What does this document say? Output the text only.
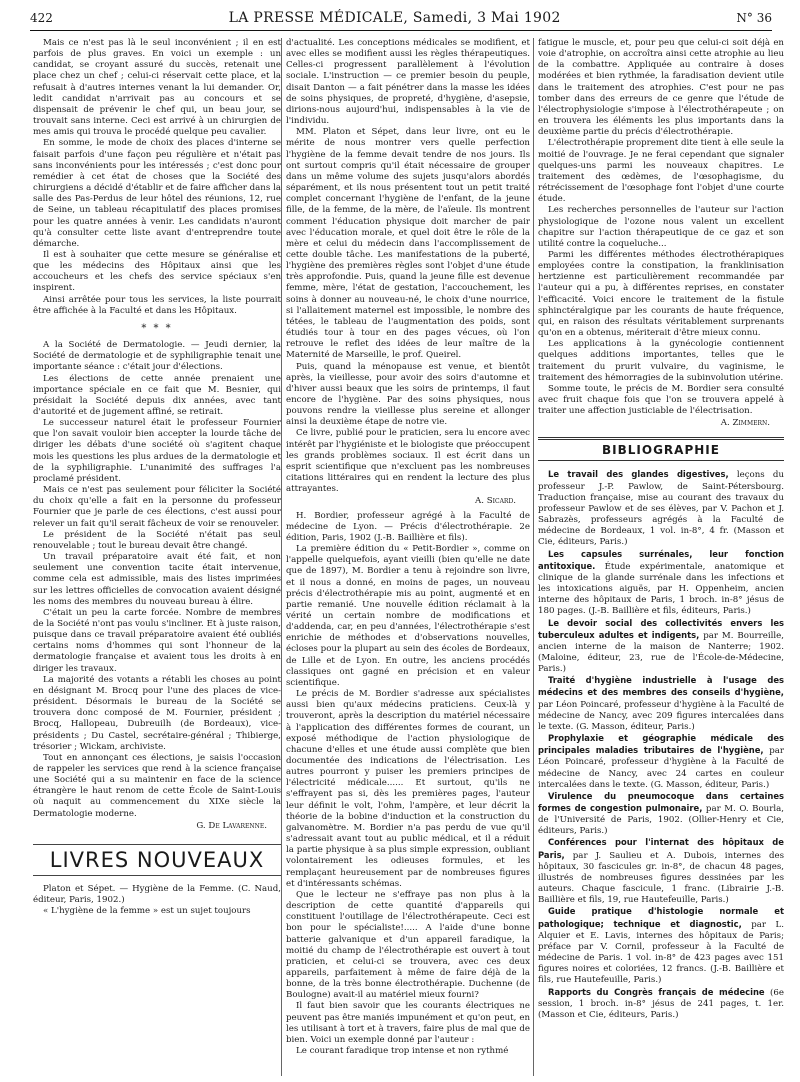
422	LA PRESSE MÉDICALE, Samedi, 3 Mai 1902	N° 36

Mais ce n'est pas là le seul inconvénient ; il en est parfois de plus graves. En voici un exemple : un candidat, se croyant assuré du succès, retenait une place chez un chef ; celui-ci réservait cette place, et la refusait à d'autres internes venant la lui demander. Or, ledit candidat n'arrivait pas au concours et se dispensait de prévenir le chef qui, un beau jour, se trouvait sans interne. Ceci est arrivé à un chirurgien de mes amis qui trouva le procédé quelque peu cavalier.

En somme, le mode de choix des places d'interne se faisait parfois d'une façon peu régulière et n'était pas sans inconvénients pour les intéressés ; c'est donc pour remédier à cet état de choses que la Société des chirurgiens a décidé d'établir et de faire afficher dans la salle des Pas-Perdus de leur hôtel des réunions, 12, rue de Seine, un tableau récapitulatif des places promises pour les quatre années à venir. Les candidats n'auront qu'à consulter cette liste avant d'entreprendre toute démarche.

Il est à souhaiter que cette mesure se généralise et que les médecins des Hôpitaux ainsi que les accoucheurs et les chefs des service spéciaux s'en inspirent.

Ainsi arrêtée pour tous les services, la liste pourrait être affichée à la Faculté et dans les Hôpitaux.

* * *

A la Société de Dermatologie. — Jeudi dernier, la Société de dermatologie et de syphiligraphie tenait une importante séance : c'était jour d'élections.

Les élections de cette année prenaient une importance spéciale en ce fait que M. Besnier, qui présidait la Société depuis dix années, avec tant d'autorité et de jugement affiné, se retirait.

Le successeur naturel était le professeur Fournier que l'on savait vouloir bien accepter la lourde tâche de diriger les débats d'une société où s'agitent chaque mois les questions les plus ardues de la dermatologie et de la syphiligraphie. L'unanimité des suffrages l'a proclamé président.

Mais ce n'est pas seulement pour féliciter la Société du choix qu'elle a fait en la personne du professeur Fournier que je parle de ces élections, c'est aussi pour relever un fait qu'il serait fâcheux de voir se renouveler.

Le président de la Société n'était pas seul renouvelable ; tout le bureau devait être changé.

Un travail préparatoire avait été fait, et non seulement une convention tacite était intervenue, comme cela est admissible, mais des listes imprimées sur les lettres officielles de convocation avaient désigné les noms des membres du nouveau bureau à élire.

C'était un peu la carte forcée. Nombre de membres de la Société n'ont pas voulu s'incliner. Et à juste raison, puisque dans ce travail préparatoire avaient été oubliés certains noms d'hommes qui sont l'honneur de la dermatologie française et avaient tous les droits à en diriger les travaux.

La majorité des votants a rétabli les choses au point en désignant M. Brocq pour l'une des places de vice-président. Désormais le bureau de la Société se trouvera donc composé de M. Fournier, président ; Brocq, Hallopeau, Dubreuilh (de Bordeaux), vice-présidents ; Du Castel, secrétaire-général ; Thibierge, trésorier ; Wickam, archiviste.

Tout en annonçant ces élections, je saisis l'occasion de rappeler les services que rend à la science française une Société qui a su maintenir en face de la science étrangère le haut renom de cette École de Saint-Louis où naquit au commencement du XIXe siècle la Dermatologie moderne.

G. De Lavarenne.
LIVRES NOUVEAUX

Platon et Sépet. — Hygiène de la Femme. (C. Naud, éditeur, Paris, 1902.)

« L'hygiène de la femme » est un sujet toujours

d'actualité. Les conceptions médicales se modifient, et avec elles se modifient aussi les règles thérapeutiques. Celles-ci progressent parallèlement à l'évolution sociale. L'instruction — ce premier besoin du peuple, disait Danton — a fait pénétrer dans la masse les idées de soins physiques, de propreté, d'hygiène, d'asepsie, dirions-nous aujourd'hui, indispensables à la vie de l'individu.

MM. Platon et Sépet, dans leur livre, ont eu le mérite de nous montrer vers quelle perfection l'hygiène de la femme devait tendre de nos jours. Ils ont surtout compris qu'il était nécessaire de grouper dans un même volume des sujets jusqu'alors abordés séparément, et ils nous présentent tout un petit traité complet concernant l'hygiène de l'enfant, de la jeune fille, de la femme, de la mère, de l'aïeule. Ils montrent comment l'éducation physique doit marcher de pair avec l'éducation morale, et quel doit être le rôle de la mère et celui du médecin dans l'accomplissement de cette double tâche. Les manifestations de la puberté, l'hygiène des premières règles sont l'objet d'une étude très approfondie. Puis, quand la jeune fille est devenue femme, mère, l'état de gestation, l'accouchement, les soins à donner au nouveau-né, le choix d'une nourrice, si l'allaitement maternel est impossible, le nombre des tétées, le tableau de l'augmentation des poids, sont étudiés tour à tour en des pages vécues, où l'on retrouve le reflet des idées de leur maître de la Maternité de Marseille, le prof. Queirel.

Puis, quand la ménopause est venue, et bientôt après, la vieillesse, pour avoir des soirs d'automne et d'hiver aussi beaux que les soirs de printemps, il faut encore de l'hygiène. Par des soins physiques, nous pouvons rendre la vieillesse plus sereine et allonger ainsi la deuxième étape de notre vie.

Ce livre, publié pour le praticien, sera lu encore avec intérêt par l'hygiéniste et le biologiste que préoccupent les grands problèmes sociaux. Il est écrit dans un esprit scientifique que n'excluent pas les nombreuses citations littéraires qui en rendent la lecture des plus attrayantes.

A. Sicard.

H. Bordier, professeur agrégé à la Faculté de médecine de Lyon. — Précis d'électrothérapie. 2e édition, Paris, 1902 (J.-B. Baillière et fils).

La première édition du « Petit-Bordier », comme on l'appelle quelquefois, ayant vieilli (bien qu'elle ne date que de 1897), M. Bordier a tenu à rejoindre son livre, et il nous a donné, en moins de pages, un nouveau précis d'électrothérapie mis au point, augmenté et en partie remanié. Une nouvelle édition réclamait à la vérité un certain nombre de modifications et d'addenda, car, en peu d'années, l'électrothérapie s'est enrichie de méthodes et d'observations nouvelles, écloses pour la plupart au sein des écoles de Bordeaux, de Lille et de Lyon. En outre, les anciens procédés classiques ont gagné en précision et en valeur scientifique.

Le précis de M. Bordier s'adresse aux spécialistes aussi bien qu'aux médecins praticiens. Ceux-là y trouveront, après la description du matériel nécessaire à l'application des différentes formes de courant, un exposé méthodique de l'action physiologique de chacune d'elles et une étude aussi complète que bien documentée des indications de l'électrisation. Les autres pourront y puiser les premiers principes de l'électricité médicale...... Et surtout, qu'ils ne s'effrayent pas si, dès les premières pages, l'auteur leur définit le volt, l'ohm, l'ampère, et leur décrit la théorie de la bobine d'induction et la construction du galvanomètre. M. Bordier n'a pas perdu de vue qu'il s'adressait avant tout au public médical, et il a réduit la partie physique à sa plus simple expression, oubliant volontairement les odieuses formules, et les remplaçant heureusement par de nombreuses figures et d'intéressants schémas.

Que le lecteur ne s'effraye pas non plus à la description de cette quantité d'appareils qui constituent l'outillage de l'électrothérapeute. Ceci est bon pour le spécialiste!..... A l'aide d'une bonne batterie galvanique et d'un appareil faradique, la moitié du champ de l'électrothérapie est ouvert à tout praticien, et celui-ci se trouvera, avec ces deux appareils, parfaitement à même de faire déjà de la bonne, de la très bonne électrothérapie. Duchenne (de Boulogne) avait-il au matériel mieux fourni?

Il faut bien savoir que les courants électriques ne peuvent pas être maniés impunément et qu'on peut, en les utilisant à tort et à travers, faire plus de mal que de bien. Voici un exemple donné par l'auteur :

Le courant faradique trop intense et non rythmé

fatigue le muscle, et, pour peu que celui-ci soit déjà en voie d'atrophie, on accroîtra ainsi cette atrophie au lieu de la combattre. Appliquée au contraire à doses modérées et bien rythmée, la faradisation devient utile dans le traitement des atrophies. C'est pour ne pas tomber dans des erreurs de ce genre que l'étude de l'électrophysiologie s'impose à l'électrothérapeute ; on en trouvera les éléments les plus importants dans la deuxième partie du précis d'électrothérapie.

L'électrothérapie proprement dite tient à elle seule la moitié de l'ouvrage. Je ne ferai cependant que signaler quelques-uns parmi les nouveaux chapitres. Le traitement des œdèmes, de l'œsophagisme, du rétrécissement de l'œsophage font l'objet d'une courte étude.

Les recherches personnelles de l'auteur sur l'action physiologique de l'ozone nous valent un excellent chapitre sur l'action thérapeutique de ce gaz et son utilité contre la coqueluche...

Parmi les différentes méthodes électrothérapiques employées contre la constipation, la franklinisation hertzienne est particulièrement recommandée par l'auteur qui a pu, à différentes reprises, en constater l'efficacité. Voici encore le traitement de la fistule sphinctéralgique par les courants de haute fréquence, qui, en raison des résultats véritablement surprenants qu'on en a obtenus, mériterait d'être mieux connu.

Les applications à la gynécologie contiennent quelques additions importantes, telles que le traitement du prurit vulvaire, du vaginisme, le traitement des hémorragies de la subinvolution utérine.

Somme toute, le précis de M. Bordier sera consulté avec fruit chaque fois que l'on se trouvera appelé à traiter une affection justiciable de l'électrisation.

A. Zimmern.
BIBLIOGRAPHIE

Le travail des glandes digestives, leçons du professeur J.-P. Pawlow, de Saint-Pétersbourg. Traduction française, mise au courant des travaux du professeur Pawlow et de ses élèves, par V. Pachon et J. Sabrazès, professeurs agrégés à la Faculté de médecine de Bordeaux, 1 vol. in-8°, 4 fr. (Masson et Cie, éditeurs, Paris.)

Les capsules surrénales, leur fonction antitoxique. Étude expérimentale, anatomique et clinique de la glande surrénale dans les infections et les intoxications aiguës, par H. Oppenheim, ancien interne des hôpitaux de Paris, 1 broch. in-8° jésus de 180 pages. (J.-B. Baillière et fils, éditeurs, Paris.)

Le devoir social des collectivités envers les tuberculeux adultes et indigents, par M. Bourreille, ancien interne de la maison de Nanterre; 1902. (Maloine, éditeur, 23, rue de l'École-de-Médecine, Paris.)

Traité d'hygiène industrielle à l'usage des médecins et des membres des conseils d'hygiène, par Léon Poincaré, professeur d'hygiène à la Faculté de médecine de Nancy, avec 209 figures intercalées dans le texte. (G. Masson, éditeur, Paris.)

Prophylaxie et géographie médicale des principales maladies tributaires de l'hygiène, par Léon Poincaré, professeur d'hygiène à la Faculté de médecine de Nancy, avec 24 cartes en couleur intercalées dans le texte. (G. Masson, éditeur, Paris.)

Virulence du pneumocoque dans certaines formes de congestion pulmonaire, par M. O. Bourla, de l'Université de Paris, 1902. (Ollier-Henry et Cie, éditeurs, Paris.)

Conférences pour l'internat des hôpitaux de Paris, par J. Saulieu et A. Dubois, internes des hôpitaux, 30 fascicules gr. in-8°, de chacun 48 pages, illustrés de nombreuses figures dessinées par les auteurs. Chaque fascicule, 1 franc. (Librairie J.-B. Baillière et fils, 19, rue Hautefeuille, Paris.)

Guide pratique d'histologie normale et pathologique; technique et diagnostic, par L. Alquier et E. Lavis, internes des hôpitaux de Paris; préface par V. Cornil, professeur à la Faculté de médecine de Paris. 1 vol. in-8° de 423 pages avec 151 figures noires et coloriées, 12 francs. (J.-B. Baillière et fils, rue Hautefeuille, Paris.)

Rapports du Congrès français de médecine (6e session, 1 broch. in-8° jésus de 241 pages, t. 1er. (Masson et Cie, éditeurs, Paris.)
